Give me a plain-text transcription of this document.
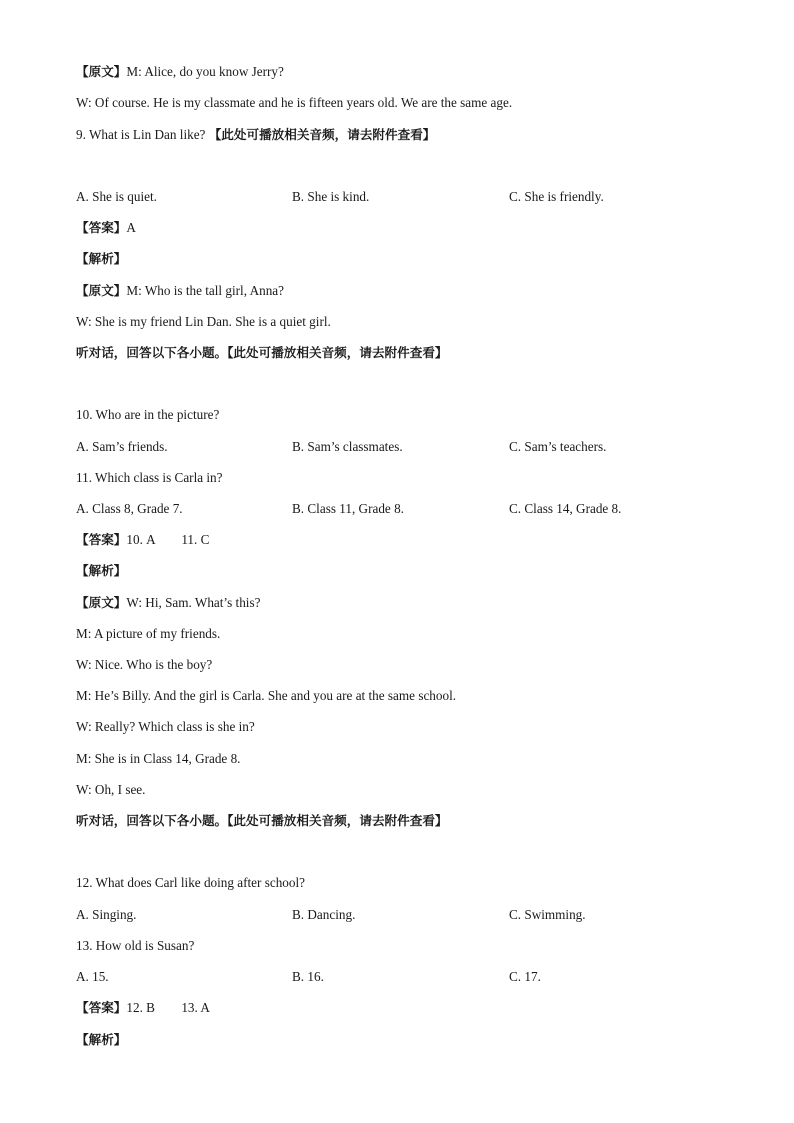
【原文】M: Alice, do you know Jerry?
W: Of course. He is my classmate and he is fifteen years old. We are the same age.
9. What is Lin Dan like? 【此处可播放相关音频，请去附件查看】
A. She is quiet.	B. She is kind.	C. She is friendly.
【答案】A
【解析】
【原文】M: Who is the tall girl, Anna?
W: She is my friend Lin Dan. She is a quiet girl.
听对话，回答以下各小题。【此处可播放相关音频，请去附件查看】
10. Who are in the picture?
A. Sam’s friends.	B. Sam’s classmates.	C. Sam’s teachers.
11. Which class is Carla in?
A. Class 8, Grade 7.	B. Class 11, Grade 8.	C. Class 14, Grade 8.
【答案】10. A        11. C
【解析】
【原文】W: Hi, Sam. What’s this?
M: A picture of my friends.
W: Nice. Who is the boy?
M: He’s Billy. And the girl is Carla. She and you are at the same school.
W: Really? Which class is she in?
M: She is in Class 14, Grade 8.
W: Oh, I see.
听对话，回答以下各小题。【此处可播放相关音频，请去附件查看】
12. What does Carl like doing after school?
A. Singing.	B. Dancing.	C. Swimming.
13. How old is Susan?
A. 15.	B. 16.	C. 17.
【答案】12. B        13. A
【解析】
